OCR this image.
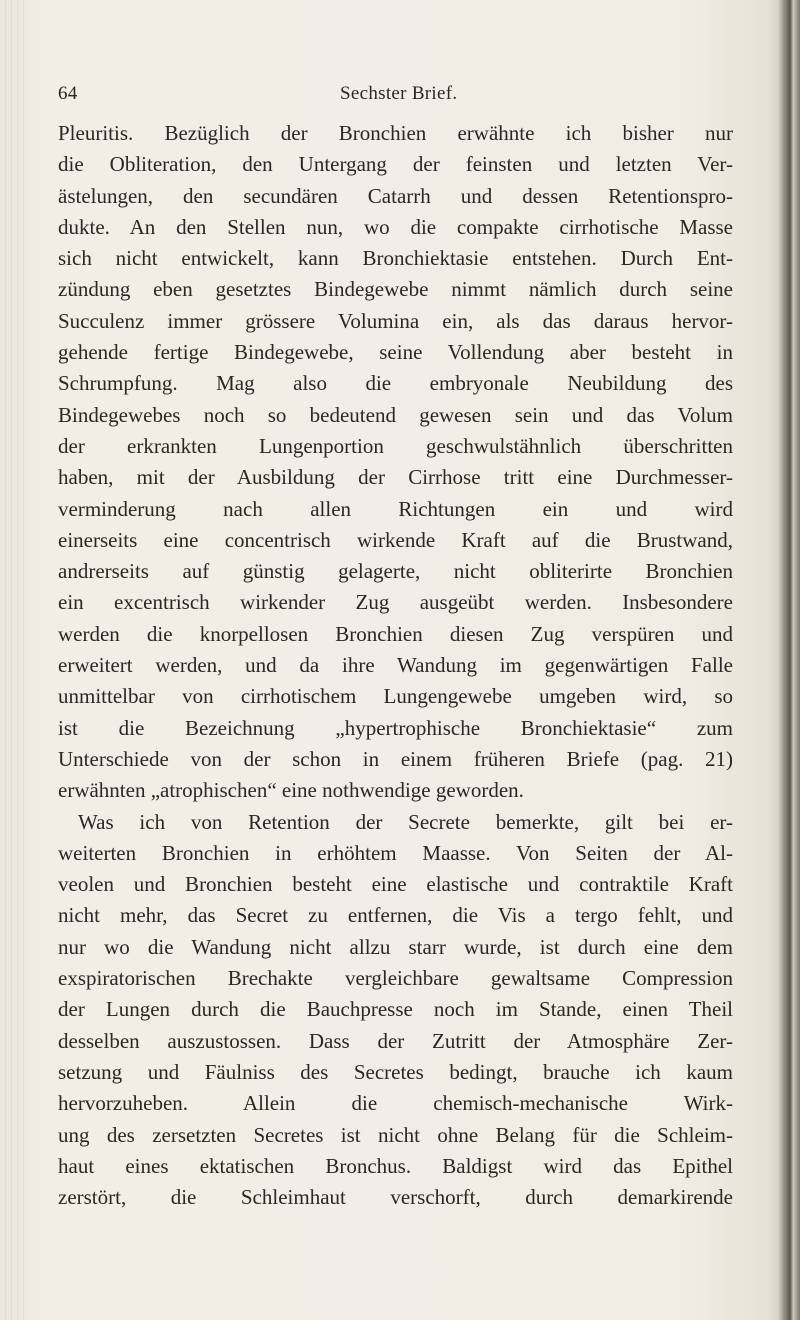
64	Sechster Brief.
Pleuritis. Bezüglich der Bronchien erwähnte ich bisher nur
die Obliteration, den Untergang der feinsten und letzten Ver-
ästelungen, den secundären Catarrh und dessen Retentionspro-
dukte. An den Stellen nun, wo die compakte cirrhotische Masse
sich nicht entwickelt, kann Bronchiektasie entstehen. Durch Ent-
zündung eben gesetztes Bindegewebe nimmt nämlich durch seine
Succulenz immer grössere Volumina ein, als das daraus hervor-
gehende fertige Bindegewebe, seine Vollendung aber besteht in
Schrumpfung. Mag also die embryonale Neubildung des
Bindegewebes noch so bedeutend gewesen sein und das Volum
der erkrankten Lungenportion geschwulstähnlich überschritten
haben, mit der Ausbildung der Cirrhose tritt eine Durchmesser-
verminderung nach allen Richtungen ein und wird
einerseits eine concentrisch wirkende Kraft auf die Brustwand,
andrerseits auf günstig gelagerte, nicht obliterirte Bronchien
ein excentrisch wirkender Zug ausgeübt werden. Insbesondere
werden die knorpellosen Bronchien diesen Zug verspüren und
erweitert werden, und da ihre Wandung im gegenwärtigen Falle
unmittelbar von cirrhotischem Lungengewebe umgeben wird, so
ist die Bezeichnung „hypertrophische Bronchiektasie“ zum
Unterschiede von der schon in einem früheren Briefe (pag. 21)
erwähnten „atrophischen“ eine nothwendige geworden.
Was ich von Retention der Secrete bemerkte, gilt bei er-
weiterten Bronchien in erhöhtem Maasse. Von Seiten der Al-
veolen und Bronchien besteht eine elastische und contraktile Kraft
nicht mehr, das Secret zu entfernen, die Vis a tergo fehlt, und
nur wo die Wandung nicht allzu starr wurde, ist durch eine dem
exspiratorischen Brechakte vergleichbare gewaltsame Compression
der Lungen durch die Bauchpresse noch im Stande, einen Theil
desselben auszustossen. Dass der Zutritt der Atmosphäre Zer-
setzung und Fäulniss des Secretes bedingt, brauche ich kaum
hervorzuheben. Allein die chemisch-mechanische Wirk-
ung des zersetzten Secretes ist nicht ohne Belang für die Schleim-
haut eines ektatischen Bronchus. Baldigst wird das Epithel
zerstört, die Schleimhaut verschorft, durch demarkirende
